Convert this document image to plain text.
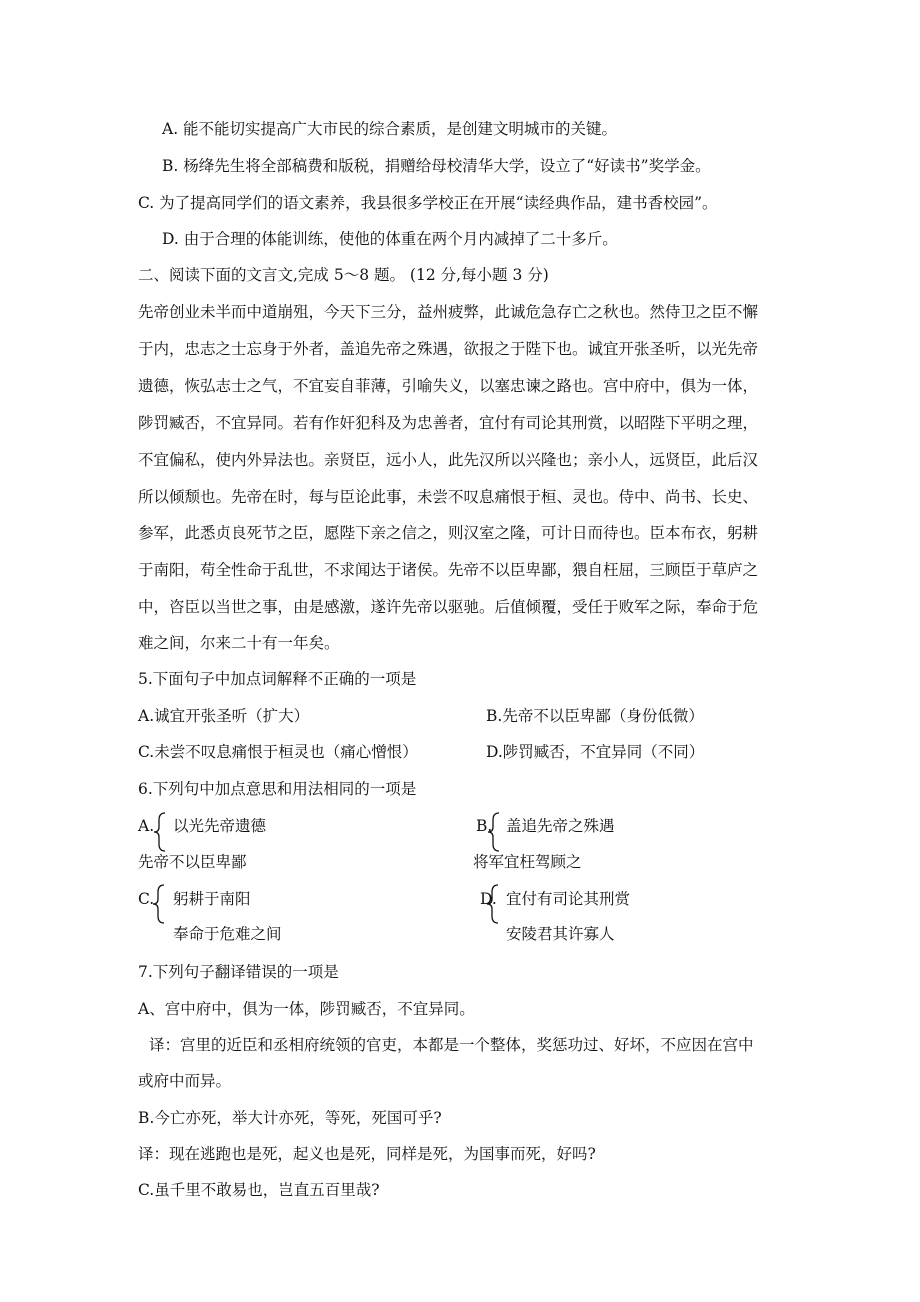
A. 能不能切实提高广大市民的综合素质，是创建文明城市的关键。
B. 杨绛先生将全部稿费和版税，捐赠给母校清华大学，设立了“好读书”奖学金。
C. 为了提高同学们的语文素养，我县很多学校正在开展“读经典作品，建书香校园”。
D. 由于合理的体能训练，使他的体重在两个月内减掉了二十多斤。
二、阅读下面的文言文,完成 5～8 题。 (12 分,每小题 3 分)
先帝创业未半而中道崩殂，今天下三分，益州疲弊，此诚危急存亡之秋也。然侍卫之臣不懈
于内，忠志之士忘身于外者，盖追先帝之殊遇，欲报之于陛下也。诚宜开张圣听，以光先帝
遗德，恢弘志士之气，不宜妄自菲薄，引喻失义，以塞忠谏之路也。宫中府中，俱为一体，
陟罚臧否，不宜异同。若有作奸犯科及为忠善者，宜付有司论其刑赏，以昭陛下平明之理，
不宜偏私，使内外异法也。亲贤臣，远小人，此先汉所以兴隆也；亲小人，远贤臣，此后汉
所以倾颓也。先帝在时，每与臣论此事，未尝不叹息痛恨于桓、灵也。侍中、尚书、长史、
参军，此悉贞良死节之臣，愿陛下亲之信之，则汉室之隆，可计日而待也。臣本布衣，躬耕
于南阳，苟全性命于乱世，不求闻达于诸侯。先帝不以臣卑鄙，猥自枉屈，三顾臣于草庐之
中，咨臣以当世之事，由是感激，遂许先帝以驱驰。后值倾覆，受任于败军之际，奉命于危
难之间，尔来二十有一年矣。
5.下面句子中加点词解释不正确的一项是
A.诚宜开张圣听（扩大）	B.先帝不以臣卑鄙（身份低微）
C.未尝不叹息痛恨于桓灵也（痛心憎恨）	D.陟罚臧否，不宜异同（不同）
6.下列句中加点意思和用法相同的一项是
A. 以光先帝遗德
先帝不以臣卑鄙
B. 盖追先帝之殊遇
将军宜枉驾顾之
C. 躬耕于南阳
奉命于危难之间
D. 宜付有司论其刑赏
安陵君其许寡人
7.下列句子翻译错误的一项是
A、宫中府中，俱为一体，陟罚臧否，不宜异同。
译：宫里的近臣和丞相府统领的官吏，本都是一个整体，奖惩功过、好坏，不应因在宫中
或府中而异。
B.今亡亦死，举大计亦死，等死，死国可乎?
译：现在逃跑也是死，起义也是死，同样是死，为国事而死，好吗?
C.虽千里不敢易也，岂直五百里哉?
